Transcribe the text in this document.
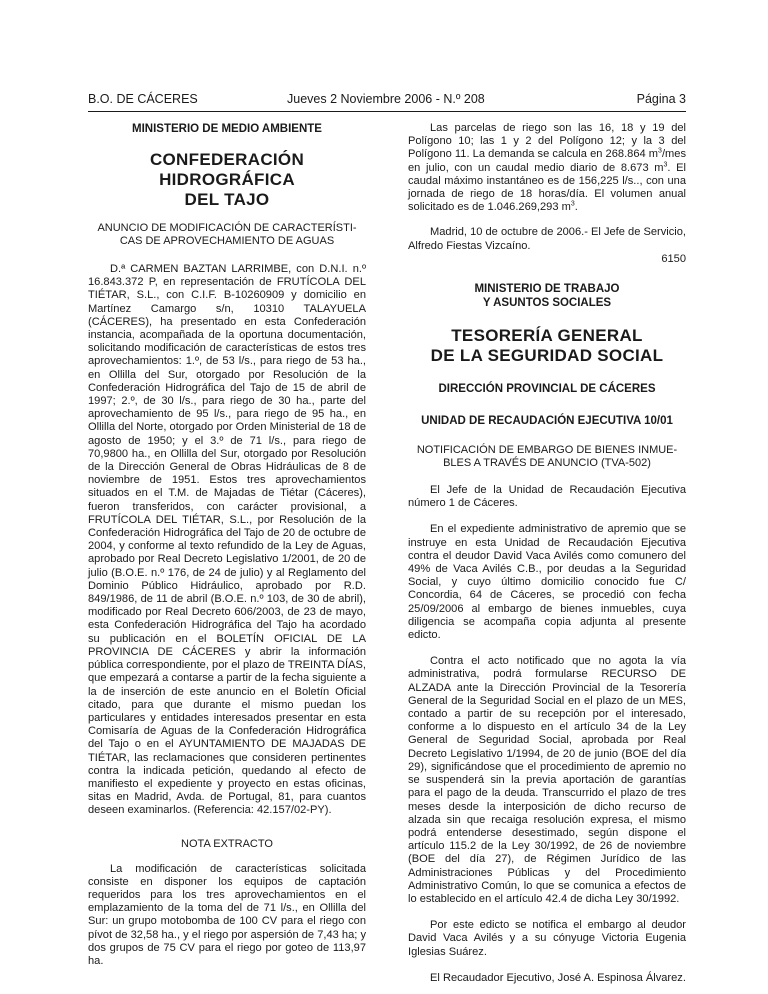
B.O. DE CÁCERES	Jueves 2 Noviembre 2006 - N.º 208	Página 3
MINISTERIO DE MEDIO AMBIENTE
CONFEDERACIÓN HIDROGRÁFICA
DEL TAJO
ANUNCIO DE MODIFICACIÓN DE CARACTERÍSTI-
CAS DE APROVECHAMIENTO DE AGUAS

D.ª CARMEN BAZTAN LARRIMBE, con D.N.I. n.º 16.843.372 P, en representación de FRUTÍCOLA DEL TIÉTAR, S.L., con C.I.F. B-10260909 y domicilio en Martínez Camargo s/n, 10310 TALAYUELA (CÁCERES), ha presentado en esta Confederación instancia, acompañada de la oportuna documentación, solicitando modificación de características de estos tres aprovechamientos: 1.º, de 53 l/s., para riego de 53 ha., en Ollilla del Sur, otorgado por Resolución de la Confederación Hidrográfica del Tajo de 15 de abril de 1997; 2.º, de 30 l/s., para riego de 30 ha., parte del aprovechamiento de 95 l/s., para riego de 95 ha., en Ollilla del Norte, otorgado por Orden Ministerial de 18 de agosto de 1950; y el 3.º de 71 l/s., para riego de 70,9800 ha., en Ollilla del Sur, otorgado por Resolución de la Dirección General de Obras Hidráulicas de 8 de noviembre de 1951. Estos tres aprovechamientos situados en el T.M. de Majadas de Tiétar (Cáceres), fueron transferidos, con carácter provisional, a FRUTÍCOLA DEL TIÉTAR, S.L., por Resolución de la Confederación Hidrográfica del Tajo de 20 de octubre de 2004, y conforme al texto refundido de la Ley de Aguas, aprobado por Real Decreto Legislativo 1/2001, de 20 de julio (B.O.E. n.º 176, de 24 de julio) y al Reglamento del Dominio Público Hidráulico, aprobado por R.D. 849/1986, de 11 de abril (B.O.E. n.º 103, de 30 de abril), modificado por Real Decreto 606/2003, de 23 de mayo, esta Confederación Hidrográfica del Tajo ha acordado su publicación en el BOLETÍN OFICIAL DE LA PROVINCIA DE CÁCERES y abrir la información pública correspondiente, por el plazo de TREINTA DÍAS, que empezará a contarse a partir de la fecha siguiente a la de inserción de este anuncio en el Boletín Oficial citado, para que durante el mismo puedan los particulares y entidades interesados presentar en esta Comisaría de Aguas de la Confederación Hidrográfica del Tajo o en el AYUNTAMIENTO DE MAJADAS DE TIÉTAR, las reclamaciones que consideren pertinentes contra la indicada petición, quedando al efecto de manifiesto el expediente y proyecto en estas oficinas, sitas en Madrid, Avda. de Portugal, 81, para cuantos deseen examinarlos. (Referencia: 42.157/02-PY).

NOTA EXTRACTO

La modificación de características solicitada consiste en disponer los equipos de captación requeridos para los tres aprovechamientos en el emplazamiento de la toma del de 71 l/s., en Ollilla del Sur: un grupo motobomba de 100 CV para el riego con pívot de 32,58 ha., y el riego por aspersión de 7,43 ha; y dos grupos de 75 CV para el riego por goteo de 113,97 ha.

Las parcelas de riego son las 16, 18 y 19 del Polígono 10; las 1 y 2 del Polígono 12; y la 3 del Polígono 11. La demanda se calcula en 268.864 $m^3$/mes en julio, con un caudal medio diario de 8.673 $m^3$. El caudal máximo instantáneo es de 156,225 l/s.., con una jornada de riego de 18 horas/día. El volumen anual solicitado es de 1.046.269,293 $m^3$.

Madrid, 10 de octubre de 2006.- El Jefe de Servicio, Alfredo Fiestas Vizcaíno.

6150
MINISTERIO DE TRABAJO
Y ASUNTOS SOCIALES
TESORERÍA GENERAL
DE LA SEGURIDAD SOCIAL
DIRECCIÓN PROVINCIAL DE CÁCERES
UNIDAD DE RECAUDACIÓN EJECUTIVA 10/01
NOTIFICACIÓN DE EMBARGO DE BIENES INMUE-
BLES A TRAVÉS DE ANUNCIO (TVA-502)

El Jefe de la Unidad de Recaudación Ejecutiva número 1 de Cáceres.

En el expediente administrativo de apremio que se instruye en esta Unidad de Recaudación Ejecutiva contra el deudor David Vaca Avilés como comunero del 49% de Vaca Avilés C.B., por deudas a la Seguridad Social, y cuyo último domicilio conocido fue C/ Concordia, 64 de Cáceres, se procedió con fecha 25/09/2006 al embargo de bienes inmuebles, cuya diligencia se acompaña copia adjunta al presente edicto.

Contra el acto notificado que no agota la vía administrativa, podrá formularse RECURSO DE ALZADA ante la Dirección Provincial de la Tesorería General de la Seguridad Social en el plazo de un MES, contado a partir de su recepción por el interesado, conforme a lo dispuesto en el artículo 34 de la Ley General de Seguridad Social, aprobada por Real Decreto Legislativo 1/1994, de 20 de junio (BOE del día 29), significándose que el procedimiento de apremio no se suspenderá sin la previa aportación de garantías para el pago de la deuda. Transcurrido el plazo de tres meses desde la interposición de dicho recurso de alzada sin que recaiga resolución expresa, el mismo podrá entenderse desestimado, según dispone el artículo 115.2 de la Ley 30/1992, de 26 de noviembre (BOE del día 27), de Régimen Jurídico de las Administraciones Públicas y del Procedimiento Administrativo Común, lo que se comunica a efectos de lo establecido en el artículo 42.4 de dicha Ley 30/1992.

Por este edicto se notifica el embargo al deudor David Vaca Avilés y a su cónyuge Victoria Eugenia Iglesias Suárez.

El Recaudador Ejecutivo, José A. Espinosa Álvarez.
